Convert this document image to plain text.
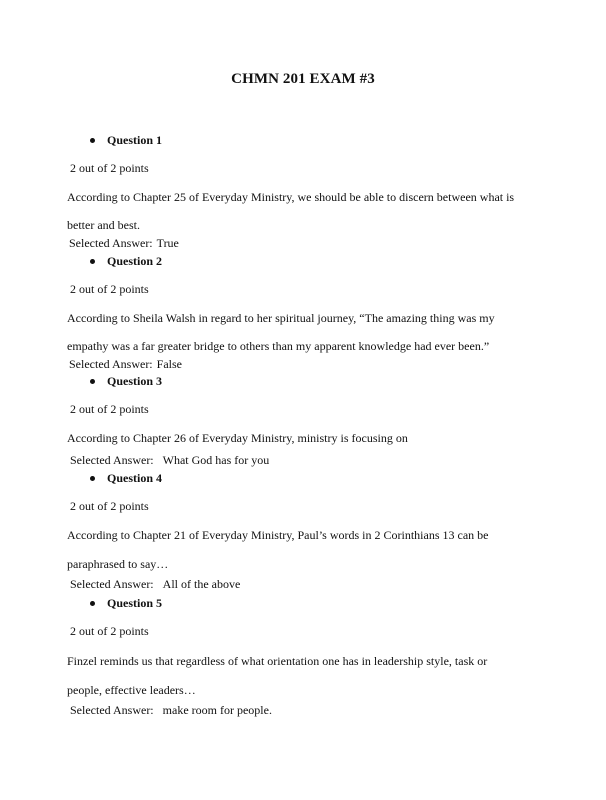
CHMN 201 EXAM #3
Question 1
2 out of 2 points
According to Chapter 25 of Everyday Ministry, we should be able to discern between what is
better and best.
Selected Answer: True
Question 2
2 out of 2 points
According to Sheila Walsh in regard to her spiritual journey, “The amazing thing was my
empathy was a far greater bridge to others than my apparent knowledge had ever been.”
Selected Answer: False
Question 3
2 out of 2 points
According to Chapter 26 of Everyday Ministry, ministry is focusing on
Selected Answer: What God has for you
Question 4
2 out of 2 points
According to Chapter 21 of Everyday Ministry, Paul’s words in 2 Corinthians 13 can be
paraphrased to say…
Selected Answer: All of the above
Question 5
2 out of 2 points
Finzel reminds us that regardless of what orientation one has in leadership style, task or
people, effective leaders…
Selected Answer: make room for people.
